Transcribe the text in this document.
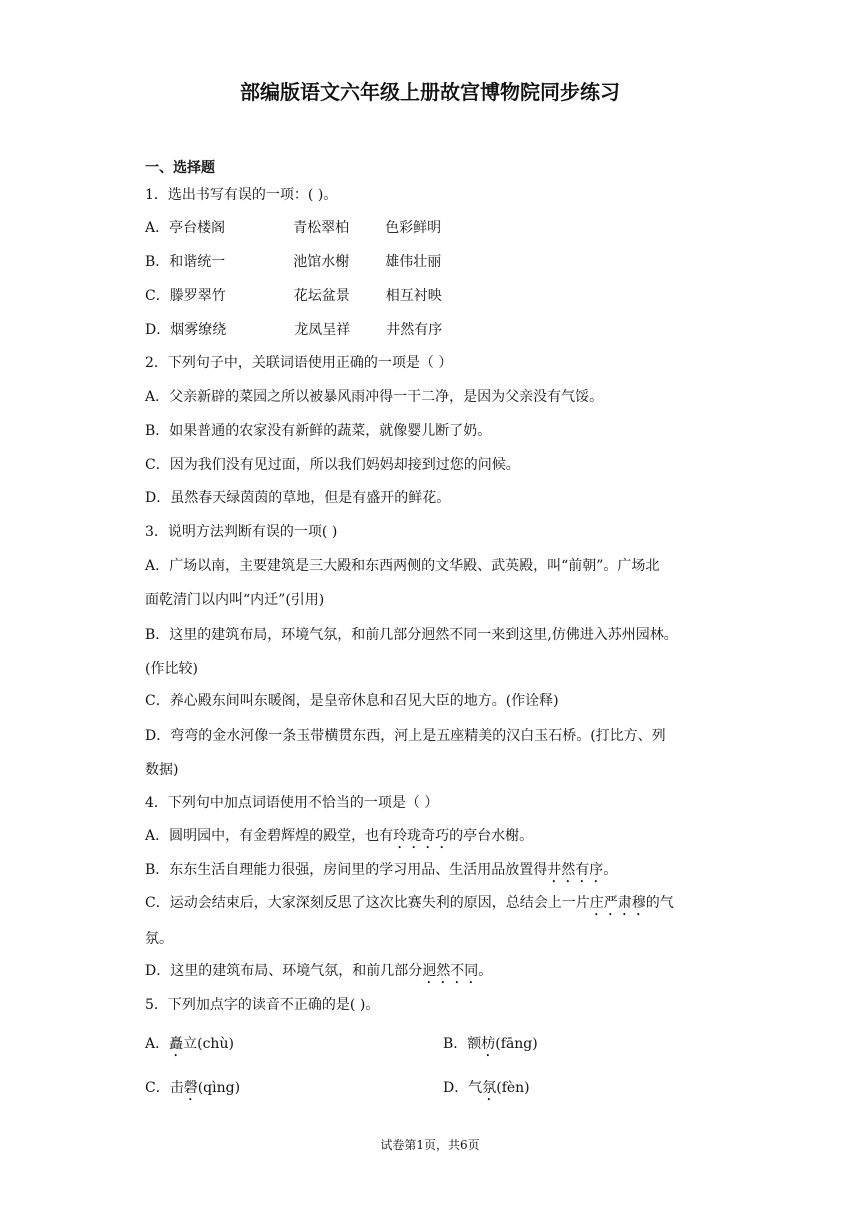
部编版语文六年级上册故宫博物院同步练习
一、选择题
1．选出书写有误的一项：( )。
A．亭台楼阁	青松翠柏	色彩鲜明
B．和谐统一	池馆水榭	雄伟壮丽
C．滕罗翠竹	花坛盆景	相互衬映
D．烟雾缭绕	龙凤呈祥	井然有序
2．下列句子中，关联词语使用正确的一项是（ ）
A．父亲新辟的菜园之所以被暴风雨冲得一干二净，是因为父亲没有气馁。
B．如果普通的农家没有新鲜的蔬菜，就像婴儿断了奶。
C．因为我们没有见过面，所以我们妈妈却接到过您的问候。
D．虽然春天绿茵茵的草地，但是有盛开的鲜花。
3．说明方法判断有误的一项( )
A．广场以南，主要建筑是三大殿和东西两侧的文华殿、武英殿，叫“前朝”。广场北
面乾清门以内叫“内迁”(引用)
B．这里的建筑布局，环境气氛，和前几部分迥然不同一来到这里,仿佛进入苏州园林。
(作比较)
C．养心殿东间叫东暖阁，是皇帝休息和召见大臣的地方。(作诠释)
D．弯弯的金水河像一条玉带横贯东西，河上是五座精美的汉白玉石桥。(打比方、列
数据)
4．下列句中加点词语使用不恰当的一项是（ ）
A．圆明园中，有金碧辉煌的殿堂，也有玲珑奇巧的亭台水榭。
B．东东生活自理能力很强，房间里的学习用品、生活用品放置得井然有序。
C．运动会结束后，大家深刻反思了这次比赛失利的原因，总结会上一片庄严肃穆的气
氛。
D．这里的建筑布局、环境气氛，和前几部分迥然不同。
5．下列加点字的读音不正确的是( )。
A．矗立(chù)	B．额枋(fāng)
C．击磬(qìng)	D．气氛(fèn)
试卷第1页，共6页
